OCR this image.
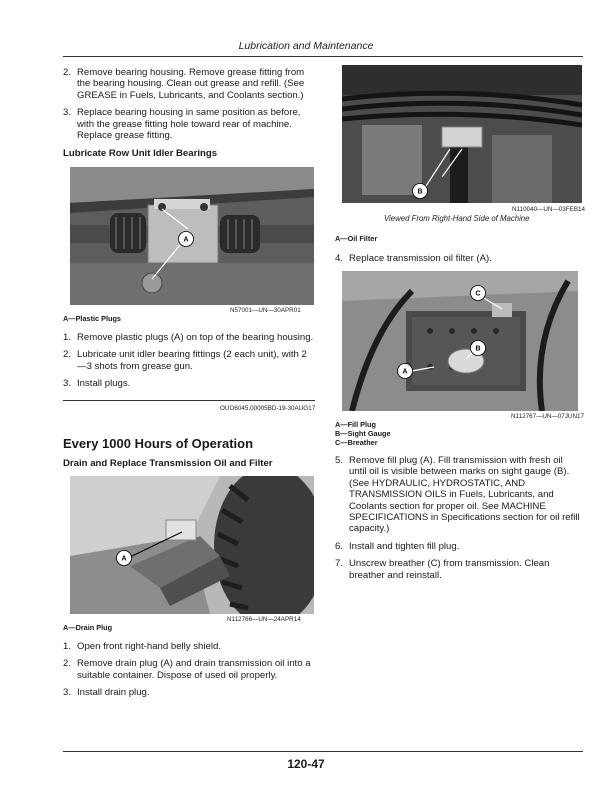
Lubrication and Maintenance
2. Remove bearing housing. Remove grease fitting from the bearing housing. Clean out grease and refill. (See GREASE in Fuels, Lubricants, and Coolants section.)
3. Replace bearing housing in same position as before, with the grease fitting hole toward rear of machine. Replace grease fitting.
Lubricate Row Unit Idler Bearings
A
N57001—UN—30APR01
A—Plastic Plugs
1. Remove plastic plugs (A) on top of the bearing housing.
2. Lubricate unit idler bearing fittings (2 each unit), with 2—3 shots from grease gun.
3. Install plugs.
OUO6045,00005BD-19-30AUG17
Every 1000 Hours of Operation
Drain and Replace Transmission Oil and Filter
A
N112766—UN—24APR14
A—Drain Plug
1. Open front right-hand belly shield.
2. Remove drain plug (A) and drain transmission oil into a suitable container. Dispose of used oil properly.
3. Install drain plug.
B
N110040—UN—03FEB14
Viewed From Right-Hand Side of Machine
A—Oil Filter
4. Replace transmission oil filter (A).
A
B
C
N112767—UN—07JUN17
A—Fill Plug
B—Sight Gauge
C—Breather
5. Remove fill plug (A). Fill transmission with fresh oil until oil is visible between marks on sight gauge (B). (See HYDRAULIC, HYDROSTATIC, AND TRANSMISSION OILS in Fuels, Lubricants, and Coolants section for proper oil. See MACHINE SPECIFICATIONS in Specifications section for oil refill capacity.)
6. Install and tighten fill plug.
7. Unscrew breather (C) from transmission. Clean breather and reinstall.
120-47
